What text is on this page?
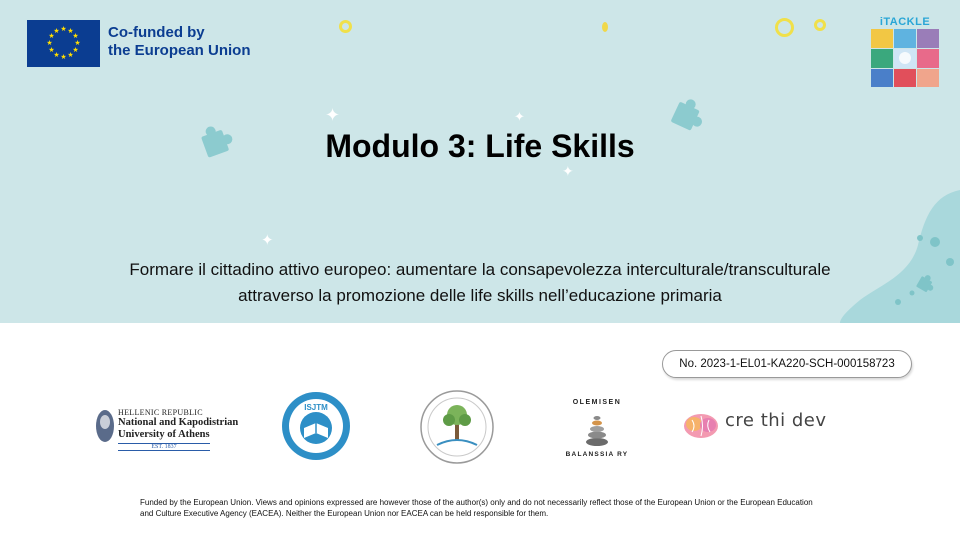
★ ★
★
★
★
★
★
★
★
★
★
★	Co-funded by
the European Union
✦	✦
✦
✦
iTACKLE
Modulo 3: Life Skills
Formare il cittadino attivo europeo: aumentare la consapevolezza interculturale/transculturale
attraverso la promozione delle life skills nell’educazione primaria
No. 2023-1-EL01-KA220-SCH-000158723
HELLENIC REPUBLIC
National and Kapodistrian
University of Athens
EST. 1837
ISJTM
OLEMISEN
BALANSSIA RY
cre thi dev
Funded by the European Union. Views and opinions expressed are however those of the author(s) only and do not necessarily reflect those of the European Union or the European Education and Culture Executive Agency (EACEA). Neither the European Union nor EACEA can be held responsible for them.
